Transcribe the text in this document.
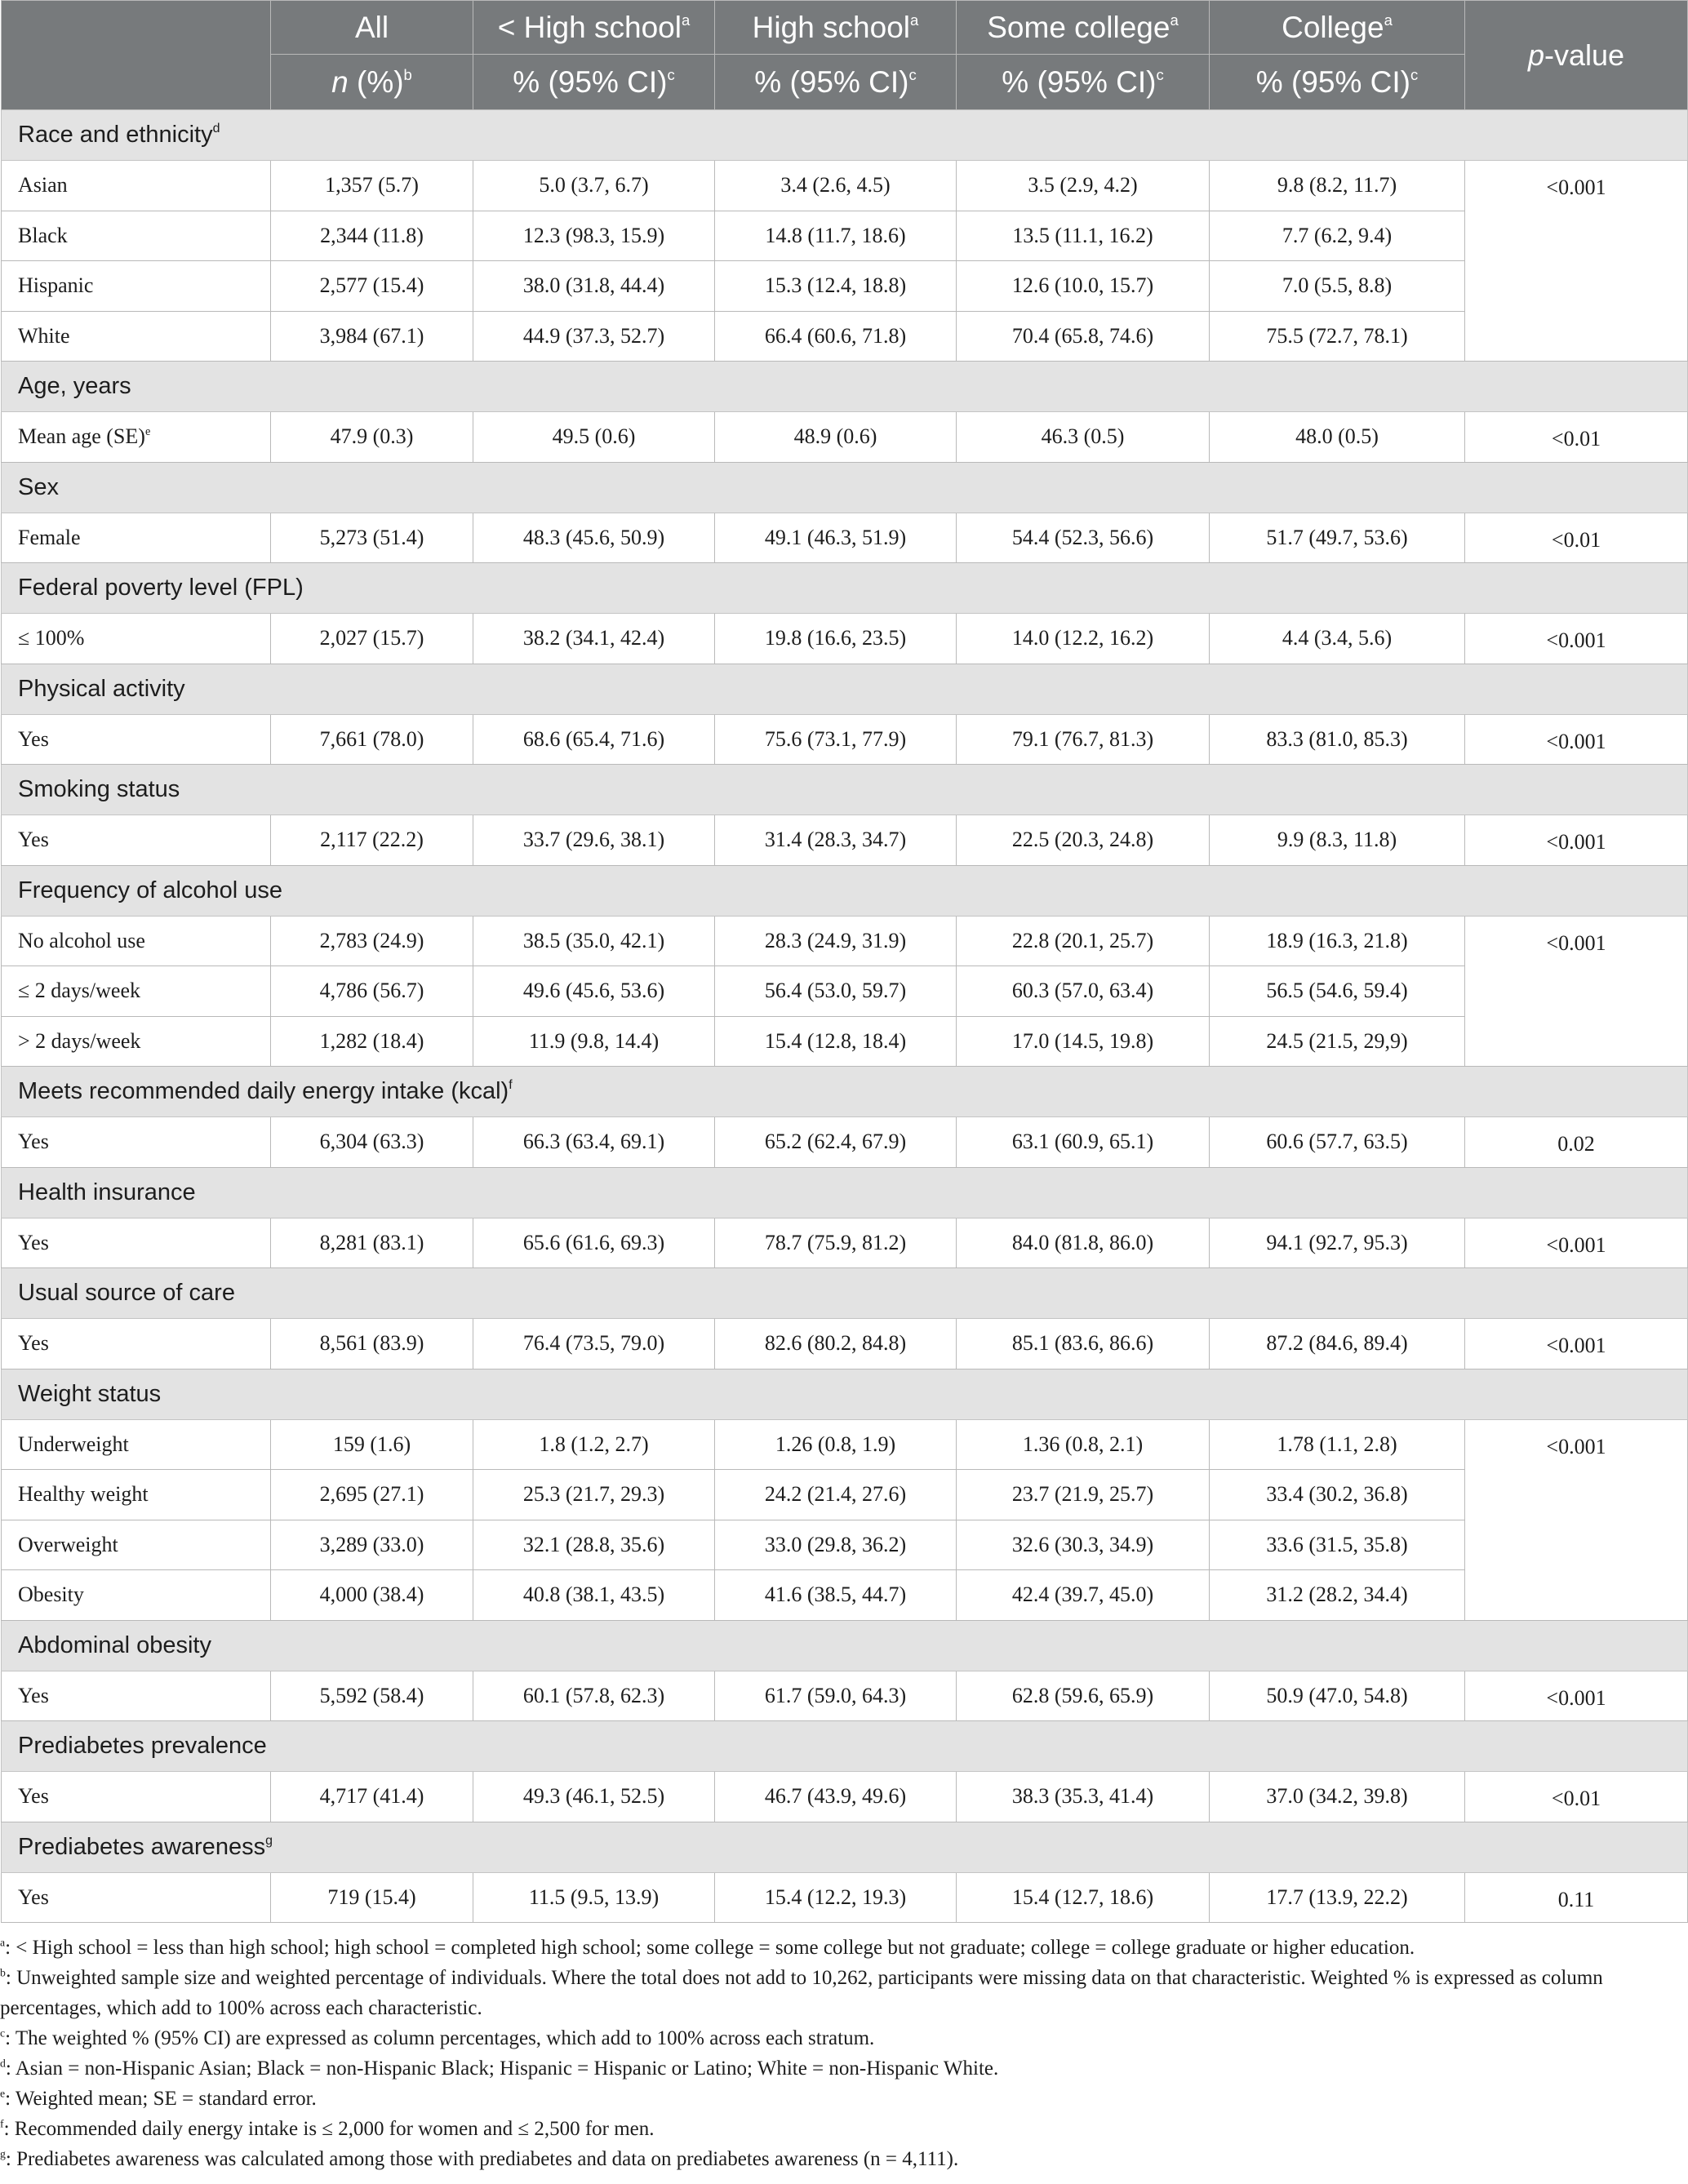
	All	< High school$^a$	High school$^a$	Some college$^a$	College$^a$	p-value
	n (%)$^b$	% (95% CI)$^c$	% (95% CI)$^c$	% (95% CI)$^c$	% (95% CI)$^c$
Race and ethnicity$^d$
Asian	1,357 (5.7)	5.0 (3.7, 6.7)	3.4 (2.6, 4.5)	3.5 (2.9, 4.2)	9.8 (8.2, 11.7)	<0.001
Black	2,344 (11.8)	12.3 (98.3, 15.9)	14.8 (11.7, 18.6)	13.5 (11.1, 16.2)	7.7 (6.2, 9.4)	
Hispanic	2,577 (15.4)	38.0 (31.8, 44.4)	15.3 (12.4, 18.8)	12.6 (10.0, 15.7)	7.0 (5.5, 8.8)	
White	3,984 (67.1)	44.9 (37.3, 52.7)	66.4 (60.6, 71.8)	70.4 (65.8, 74.6)	75.5 (72.7, 78.1)	
Age, years						
Mean age (SE)$^e$	47.9 (0.3)	49.5 (0.6)	48.9 (0.6)	46.3 (0.5)	48.0 (0.5)	<0.01
Sex						
Female	5,273 (51.4)	48.3 (45.6, 50.9)	49.1 (46.3, 51.9)	54.4 (52.3, 56.6)	51.7 (49.7, 53.6)	<0.01
Federal poverty level (FPL)						
≤ 100%	2,027 (15.7)	38.2 (34.1, 42.4)	19.8 (16.6, 23.5)	14.0 (12.2, 16.2)	4.4 (3.4, 5.6)	<0.001
Physical activity						
Yes	7,661 (78.0)	68.6 (65.4, 71.6)	75.6 (73.1, 77.9)	79.1 (76.7, 81.3)	83.3 (81.0, 85.3)	<0.001
Smoking status						
Yes	2,117 (22.2)	33.7 (29.6, 38.1)	31.4 (28.3, 34.7)	22.5 (20.3, 24.8)	9.9 (8.3, 11.8)	<0.001
Frequency of alcohol use						
No alcohol use	2,783 (24.9)	38.5 (35.0, 42.1)	28.3 (24.9, 31.9)	22.8 (20.1, 25.7)	18.9 (16.3, 21.8)	<0.001
≤ 2 days/week	4,786 (56.7)	49.6 (45.6, 53.6)	56.4 (53.0, 59.7)	60.3 (57.0, 63.4)	56.5 (54.6, 59.4)	
> 2 days/week	1,282 (18.4)	11.9 (9.8, 14.4)	15.4 (12.8, 18.4)	17.0 (14.5, 19.8)	24.5 (21.5, 29,9)	
Meets recommended daily energy intake (kcal)$^f$
Yes	6,304 (63.3)	66.3 (63.4, 69.1)	65.2 (62.4, 67.9)	63.1 (60.9, 65.1)	60.6 (57.7, 63.5)	0.02
Health insurance						
Yes	8,281 (83.1)	65.6 (61.6, 69.3)	78.7 (75.9, 81.2)	84.0 (81.8, 86.0)	94.1 (92.7, 95.3)	<0.001
Usual source of care						
Yes	8,561 (83.9)	76.4 (73.5, 79.0)	82.6 (80.2, 84.8)	85.1 (83.6, 86.6)	87.2 (84.6, 89.4)	<0.001
Weight status						
Underweight	159 (1.6)	1.8 (1.2, 2.7)	1.26 (0.8, 1.9)	1.36 (0.8, 2.1)	1.78 (1.1, 2.8)	<0.001
Healthy weight	2,695 (27.1)	25.3 (21.7, 29.3)	24.2 (21.4, 27.6)	23.7 (21.9, 25.7)	33.4 (30.2, 36.8)	
Overweight	3,289 (33.0)	32.1 (28.8, 35.6)	33.0 (29.8, 36.2)	32.6 (30.3, 34.9)	33.6 (31.5, 35.8)	
Obesity	4,000 (38.4)	40.8 (38.1, 43.5)	41.6 (38.5, 44.7)	42.4 (39.7, 45.0)	31.2 (28.2, 34.4)	
Abdominal obesity						
Yes	5,592 (58.4)	60.1 (57.8, 62.3)	61.7 (59.0, 64.3)	62.8 (59.6, 65.9)	50.9 (47.0, 54.8)	<0.001
Prediabetes prevalence						
Yes	4,717 (41.4)	49.3 (46.1, 52.5)	46.7 (43.9, 49.6)	38.3 (35.3, 41.4)	37.0 (34.2, 39.8)	<0.01
Prediabetes awareness$^g$
Yes	719 (15.4)	11.5 (9.5, 13.9)	15.4 (12.2, 19.3)	15.4 (12.7, 18.6)	17.7 (13.9, 22.2)	0.11

$^a$: < High school = less than high school; high school = completed high school; some college = some college but not graduate; college = college graduate or higher education.

$^b$: Unweighted sample size and weighted percentage of individuals. Where the total does not add to 10,262, participants were missing data on that characteristic. Weighted % is expressed as column percentages, which add to 100% across each characteristic.

$^c$: The weighted % (95% CI) are expressed as column percentages, which add to 100% across each stratum.

$^d$: Asian = non-Hispanic Asian; Black = non-Hispanic Black; Hispanic = Hispanic or Latino; White = non-Hispanic White.

$^e$: Weighted mean; SE = standard error.

$^f$: Recommended daily energy intake is ≤ 2,000 for women and ≤ 2,500 for men.

$^g$: Prediabetes awareness was calculated among those with prediabetes and data on prediabetes awareness (n = 4,111).
